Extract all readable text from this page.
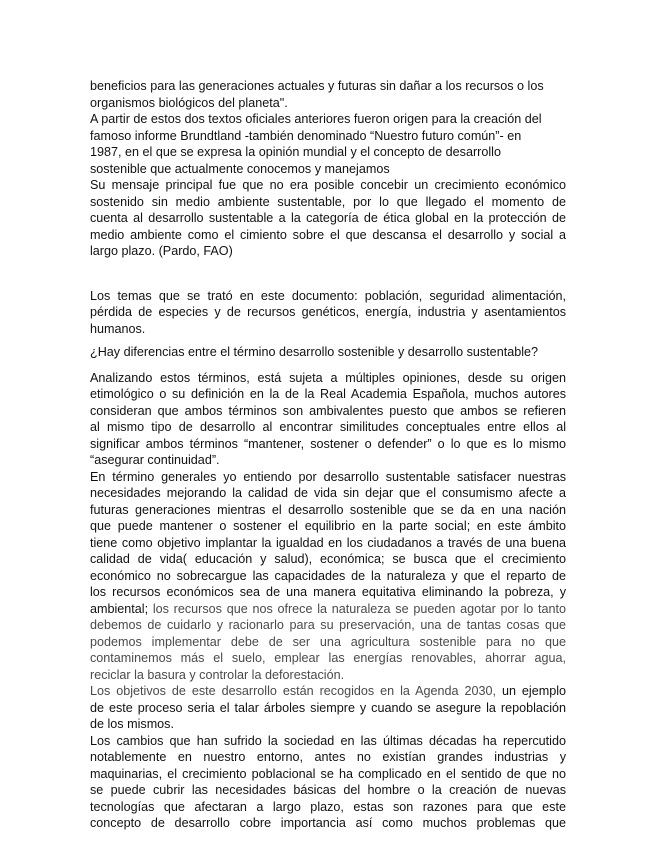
beneficios para las generaciones actuales y futuras sin dañar a los recursos o los
organismos biológicos del planeta".
A partir de estos dos textos oficiales anteriores fueron origen para la creación del
famoso informe Brundtland -también denominado “Nuestro futuro común”- en
1987, en el que se expresa la opinión mundial y el concepto de desarrollo
sostenible que actualmente conocemos y manejamos
Su mensaje principal fue que no era posible concebir un crecimiento económico
sostenido sin medio ambiente sustentable, por lo que llegado el momento de
cuenta al desarrollo sustentable a la categoría de ética global en la protección de
medio ambiente como el cimiento sobre el que descansa el desarrollo y social a
largo plazo. (Pardo, FAO)
Los temas que se trató en este documento: población, seguridad alimentación,
pérdida de especies y de recursos genéticos, energía, industria y asentamientos
humanos.
¿Hay diferencias entre el término desarrollo sostenible y desarrollo sustentable?
Analizando estos términos, está sujeta a múltiples opiniones, desde su origen
etimológico o su definición en la de la Real Academia Española, muchos autores
consideran que ambos términos son ambivalentes puesto que ambos se refieren
al mismo tipo de desarrollo al encontrar similitudes conceptuales entre ellos al
significar ambos términos “mantener, sostener o defender” o lo que es lo mismo
“asegurar continuidad”.
En término generales yo entiendo por desarrollo sustentable satisfacer nuestras
necesidades mejorando la calidad de vida sin dejar que el consumismo afecte a
futuras generaciones mientras el desarrollo sostenible que se da en una nación
que puede mantener o sostener el equilibrio en la parte social; en este ámbito
tiene como objetivo implantar la igualdad en los ciudadanos a través de una buena
calidad de vida( educación y salud), económica; se busca que el crecimiento
económico no sobrecargue las capacidades de la naturaleza y que el reparto de
los recursos económicos sea de una manera equitativa eliminando la pobreza, y
ambiental; los recursos que nos ofrece la naturaleza se pueden agotar por lo tanto
debemos de cuidarlo y racionarlo para su preservación, una de tantas cosas que
podemos implementar debe de ser una agricultura sostenible para no que
contaminemos más el suelo, emplear las energías renovables, ahorrar agua,
reciclar la basura y controlar la deforestación.
Los objetivos de este desarrollo están recogidos en la Agenda 2030, un ejemplo
de este proceso seria el talar árboles siempre y cuando se asegure la repoblación
de los mismos.
Los cambios que han sufrido la sociedad en las últimas décadas ha repercutido
notablemente en nuestro entorno, antes no existían grandes industrias y
maquinarias, el crecimiento poblacional se ha complicado en el sentido de que no
se puede cubrir las necesidades básicas del hombre o la creación de nuevas
tecnologías que afectaran a largo plazo, estas son razones para que este
concepto de desarrollo cobre importancia así como muchos problemas que
